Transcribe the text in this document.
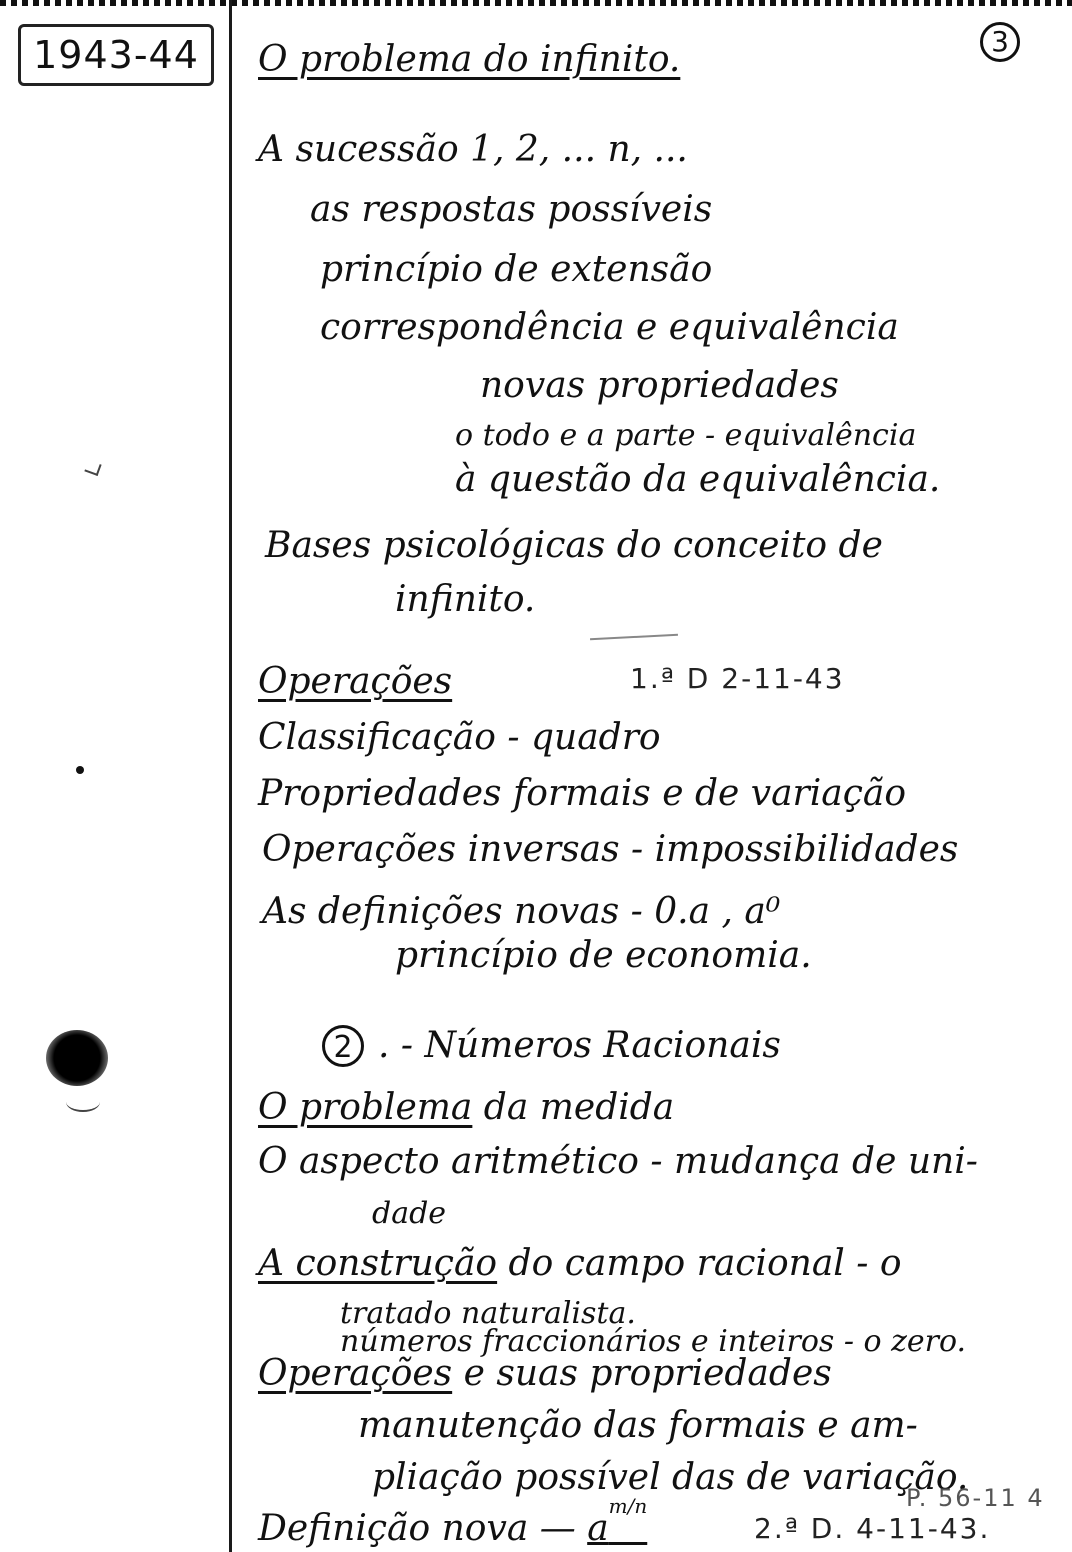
1943-44	3
O problema do infinito.
A sucessão 1, 2, ... n, ...
as respostas possíveis
princípio de extensão
correspondência e equivalência
novas propriedades
o todo e a parte - equivalência
à questão da equivalência.
Bases psicológicas do conceito de
infinito.
Operações	1.ª D 2-11-43
Classificação - quadro
Propriedades formais e de variação
Operações inversas - impossibilidades
As definições novas - 0.a , a⁰
princípio de economia.
2 . - Números Racionais
O problema da medida
O aspecto aritmético - mudança de uni-
dade
A construção do campo racional - o
tratado naturalista.
números fraccionários e inteiros - o zero.
Operações e suas propriedades
manutenção das formais e am-
pliação possível das de variação.
Definição nova — $a^{m/n}$
2.ª D. 4-11-43.
P. 56-11 4
